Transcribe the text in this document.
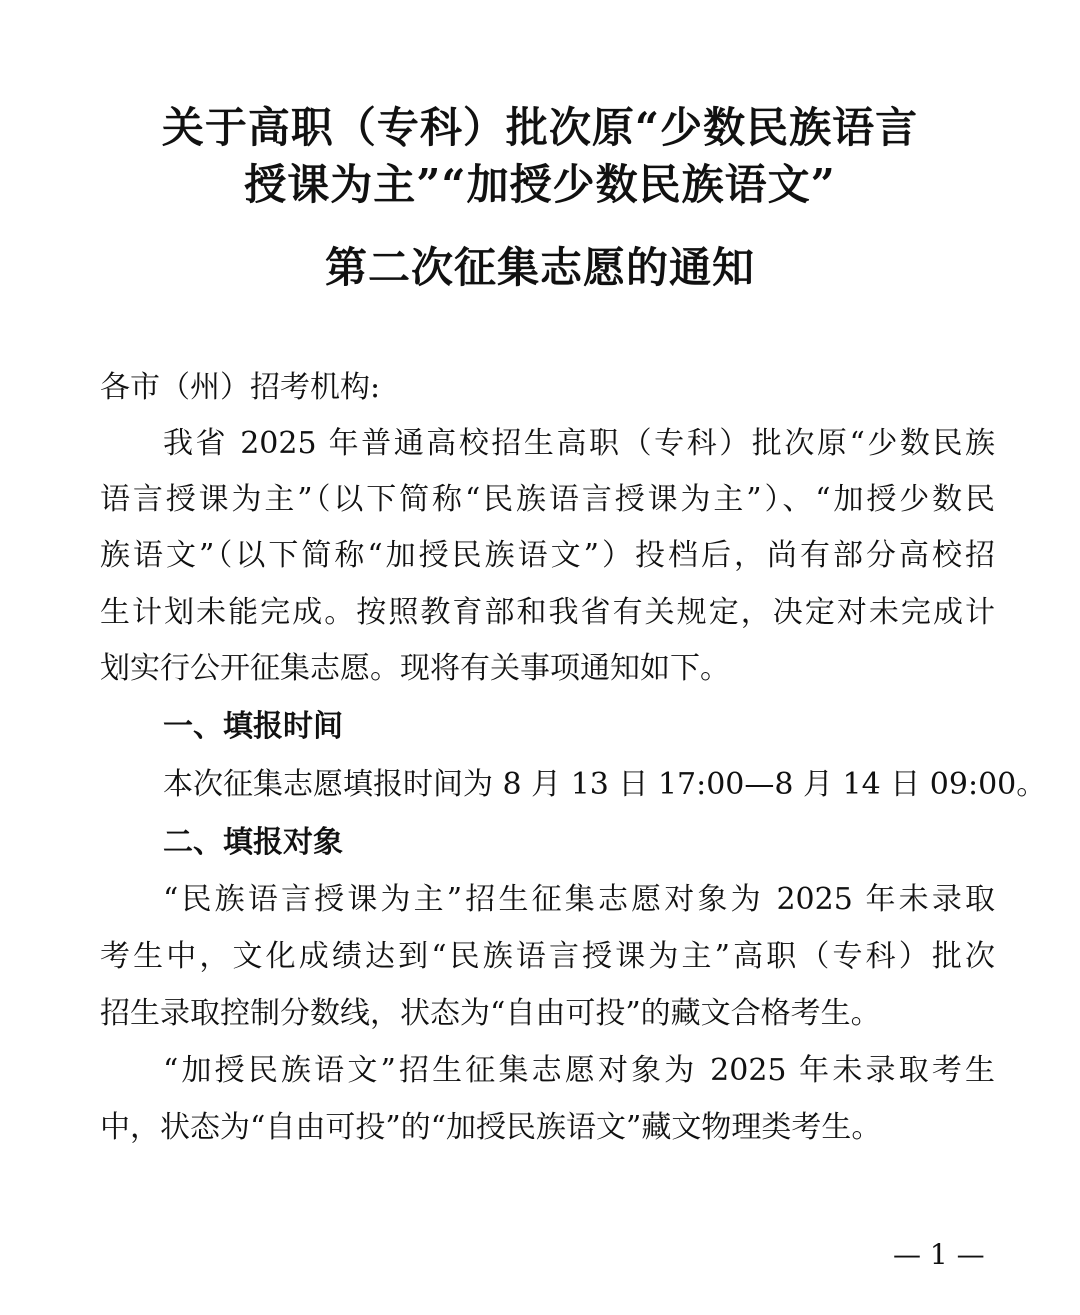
关于高职（专科）批次原“少数民族语言
授课为主”“加授少数民族语文”
第二次征集志愿的通知
各市（州）招考机构:
我省 2025 年普通高校招生高职（专科）批次原“少数民族
语言授课为主”（以下简称“民族语言授课为主”）、“加授少数民
族语文”（以下简称“加授民族语文”）投档后，尚有部分高校招
生计划未能完成。按照教育部和我省有关规定，决定对未完成计
划实行公开征集志愿。现将有关事项通知如下。
一、填报时间
本次征集志愿填报时间为 8 月 13 日 17:00—8 月 14 日 09:00。
二、填报对象
“民族语言授课为主”招生征集志愿对象为 2025 年未录取
考生中，文化成绩达到“民族语言授课为主”高职（专科）批次
招生录取控制分数线，状态为“自由可投”的藏文合格考生。
“加授民族语文”招生征集志愿对象为 2025 年未录取考生
中，状态为“自由可投”的“加授民族语文”藏文物理类考生。
— 1 —
